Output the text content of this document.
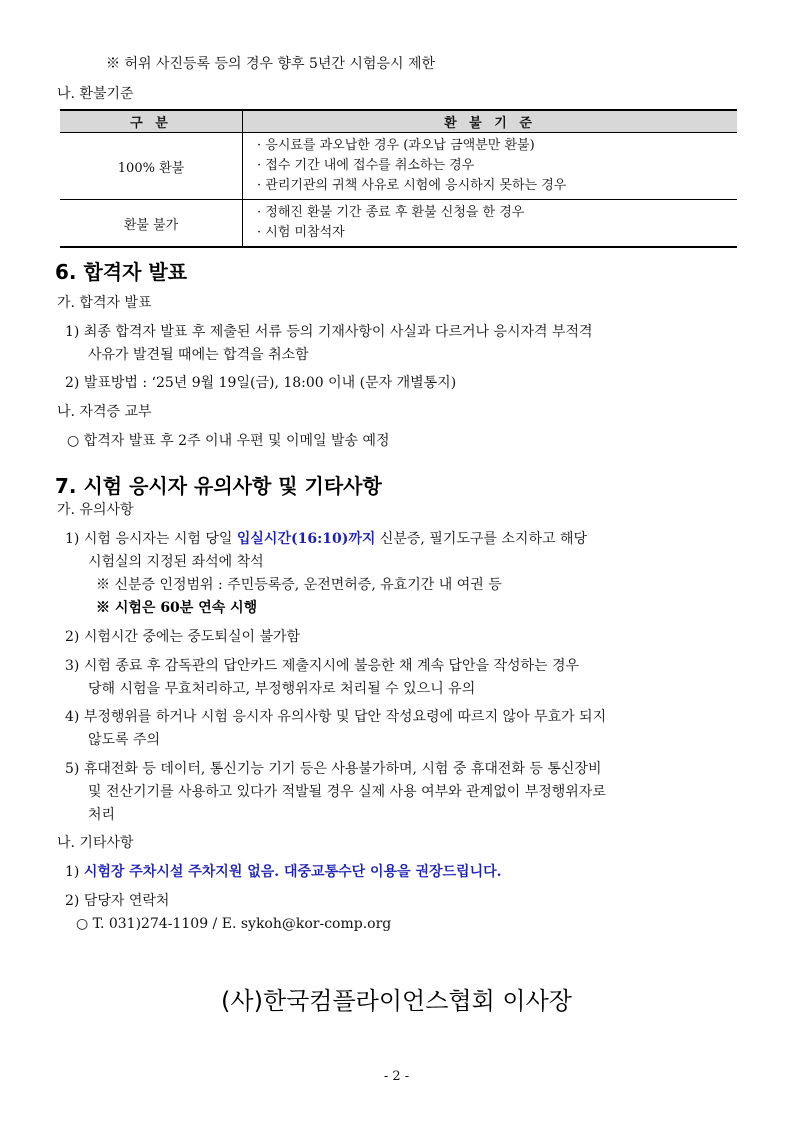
※ 허위 사진등록 등의 경우 향후 5년간 시험응시 제한
나. 환불기준
구 분	환 불 기 준
100% 환불	· 응시료를 과오납한 경우 (과오납 금액분만 환불)
· 접수 기간 내에 접수를 취소하는 경우
· 관리기관의 귀책 사유로 시험에 응시하지 못하는 경우

환불 불가	· 정해진 환불 기간 종료 후 환불 신청을 한 경우
· 시험 미참석자
6. 합격자 발표
가. 합격자 발표
1) 최종 합격자 발표 후 제출된 서류 등의 기재사항이 사실과 다르거나 응시자격 부적격
사유가 발견될 때에는 합격을 취소함
2) 발표방법 : ‘25년 9월 19일(금), 18:00 이내 (문자 개별통지)
나. 자격증 교부
○ 합격자 발표 후 2주 이내 우편 및 이메일 발송 예정
7. 시험 응시자 유의사항 및 기타사항
가. 유의사항
1) 시험 응시자는 시험 당일 입실시간(16:10)까지 신분증, 필기도구를 소지하고 해당
시험실의 지정된 좌석에 착석
※ 신분증 인정범위 : 주민등록증, 운전면허증, 유효기간 내 여권 등
※ 시험은 60분 연속 시행
2) 시험시간 중에는 중도퇴실이 불가함
3) 시험 종료 후 감독관의 답안카드 제출지시에 불응한 채 계속 답안을 작성하는 경우
당해 시험을 무효처리하고, 부정행위자로 처리될 수 있으니 유의
4) 부정행위를 하거나 시험 응시자 유의사항 및 답안 작성요령에 따르지 않아 무효가 되지
않도록 주의
5) 휴대전화 등 데이터, 통신기능 기기 등은 사용불가하며, 시험 중 휴대전화 등 통신장비
및 전산기기를 사용하고 있다가 적발될 경우 실제 사용 여부와 관계없이 부정행위자로
처리
나. 기타사항
1) 시험장 주차시설 주차지원 없음. 대중교통수단 이용을 권장드립니다.
2) 담당자 연락처
○ T. 031)274-1109 / E. sykoh@kor-comp.org
(사)한국컴플라이언스협회 이사장
- 2 -
